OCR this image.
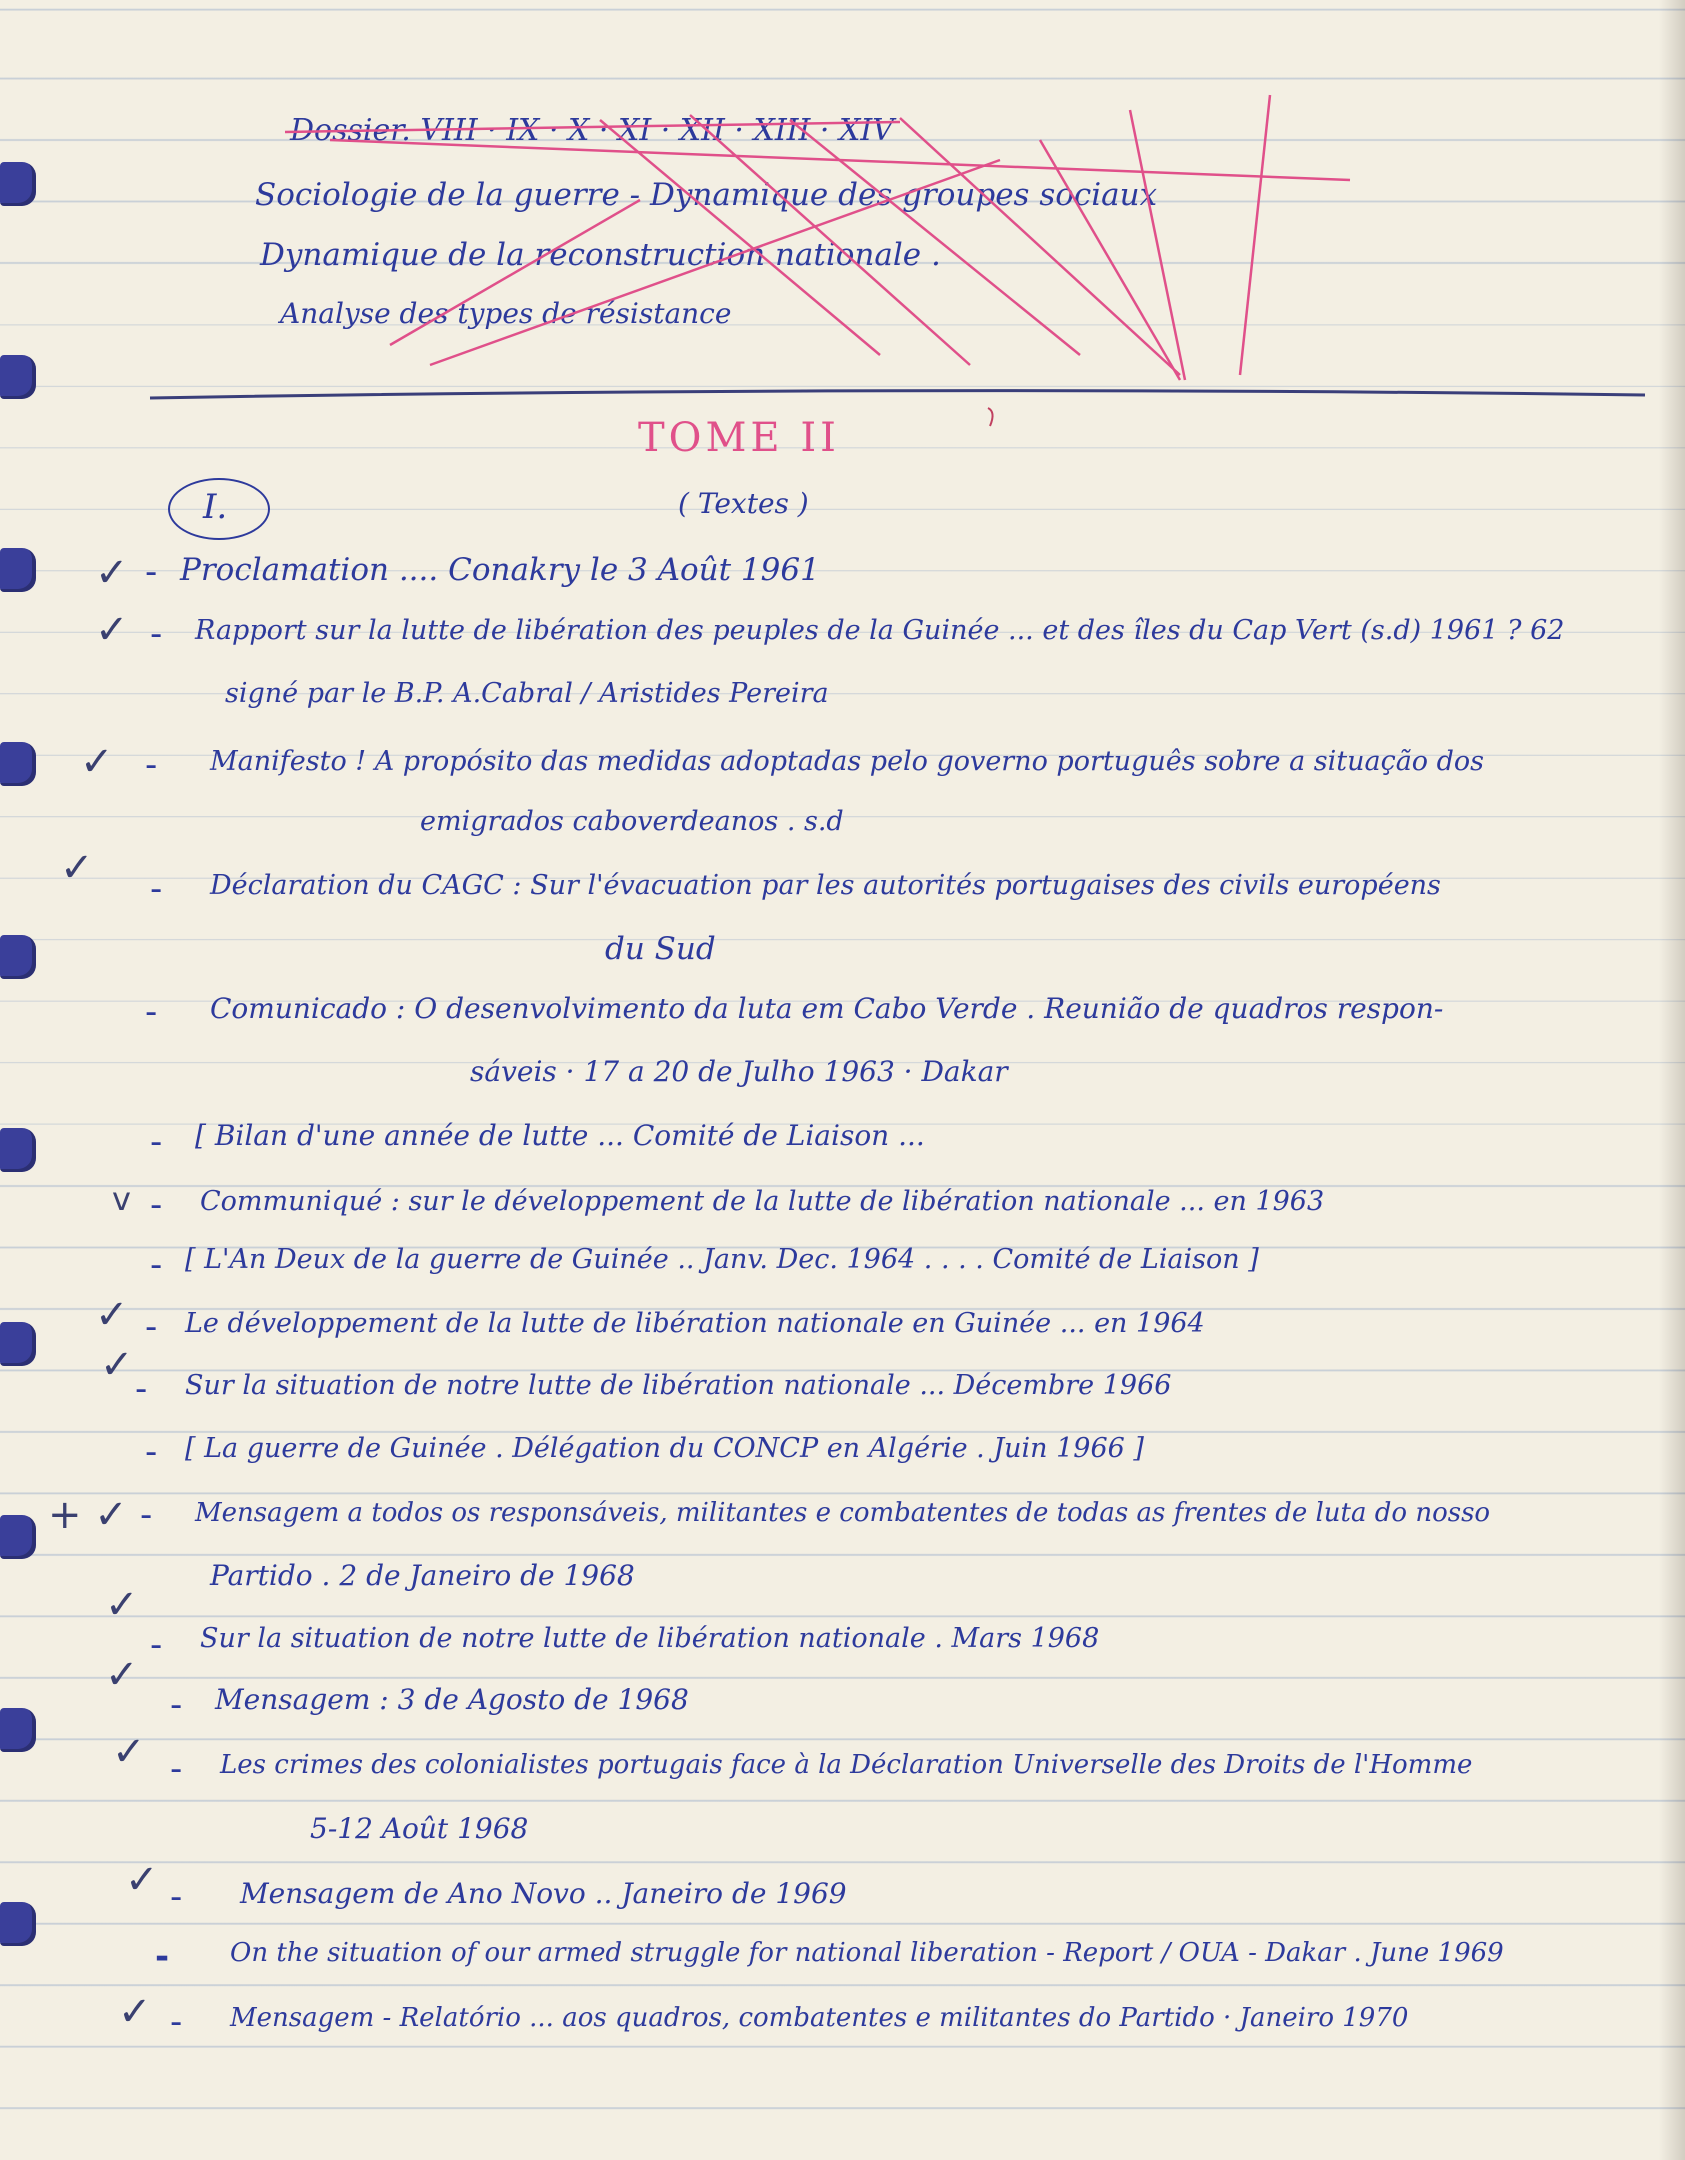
Dossier. VIII · IX · X · XI · XII · XIII · XIV
Sociologie de la guerre - Dynamique des groupes sociaux
Dynamique de la reconstruction nationale .
Analyse des types de résistance
TOME II
I.	( Textes )
✓ - Proclamation .... Conakry le 3 Août 1961
✓ - Rapport sur la lutte de libération des peuples de la Guinée ... et des îles du Cap Vert (s.d) 1961 ? 62
signé par le B.P. A.Cabral / Aristides Pereira
✓ - Manifesto ! A propósito das medidas adoptadas pelo governo português sobre a situação dos
emigrados caboverdeanos . s.d
✓ - Déclaration du CAGC : Sur l'évacuation par les autorités portugaises des civils européens
du Sud
- Comunicado : O desenvolvimento da luta em Cabo Verde . Reunião de quadros respon-
sáveis · 17 a 20 de Julho 1963 · Dakar
- [ Bilan d'une année de lutte ... Comité de Liaison ...
v - Communiqué : sur le développement de la lutte de libération nationale ... en 1963
- [ L'An Deux de la guerre de Guinée .. Janv. Dec. 1964 . . . . Comité de Liaison ]
✓ - Le développement de la lutte de libération nationale en Guinée ... en 1964
✓
- Sur la situation de notre lutte de libération nationale ... Décembre 1966
- [ La guerre de Guinée . Délégation du CONCP en Algérie . Juin 1966 ]
+ ✓ - Mensagem a todos os responsáveis, militantes e combatentes de todas as frentes de luta do nosso
Partido . 2 de Janeiro de 1968
✓
- Sur la situation de notre lutte de libération nationale . Mars 1968
✓
- Mensagem : 3 de Agosto de 1968
✓ - Les crimes des colonialistes portugais face à la Déclaration Universelle des Droits de l'Homme
5-12 Août 1968
✓ - Mensagem de Ano Novo .. Janeiro de 1969
- On the situation of our armed struggle for national liberation - Report / OUA - Dakar . June 1969
✓ - Mensagem - Relatório ... aos quadros, combatentes e militantes do Partido · Janeiro 1970
